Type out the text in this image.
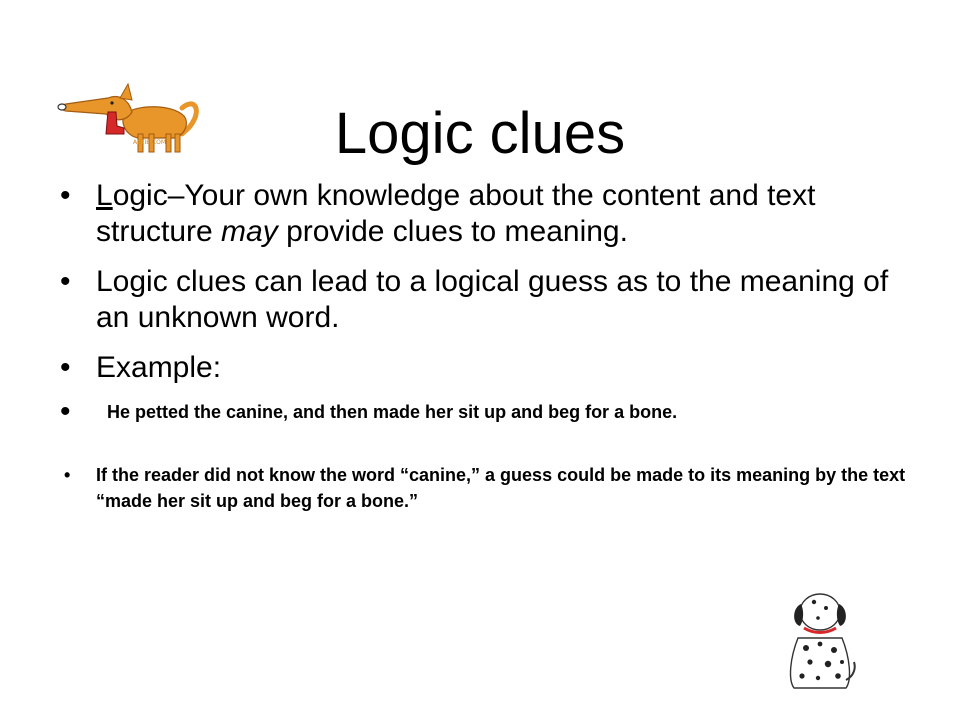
ARTIE.COM	Logic clues
• Logic–Your own knowledge about the content and text structure may provide clues to meaning.
• Logic clues can lead to a logical guess as to the meaning of an unknown word.
• Example:
• He petted the canine, and then made her sit up and beg for a bone.
• If the reader did not know the word “canine,” a guess could be made to its meaning by the text “made her sit up and beg for a bone.”
